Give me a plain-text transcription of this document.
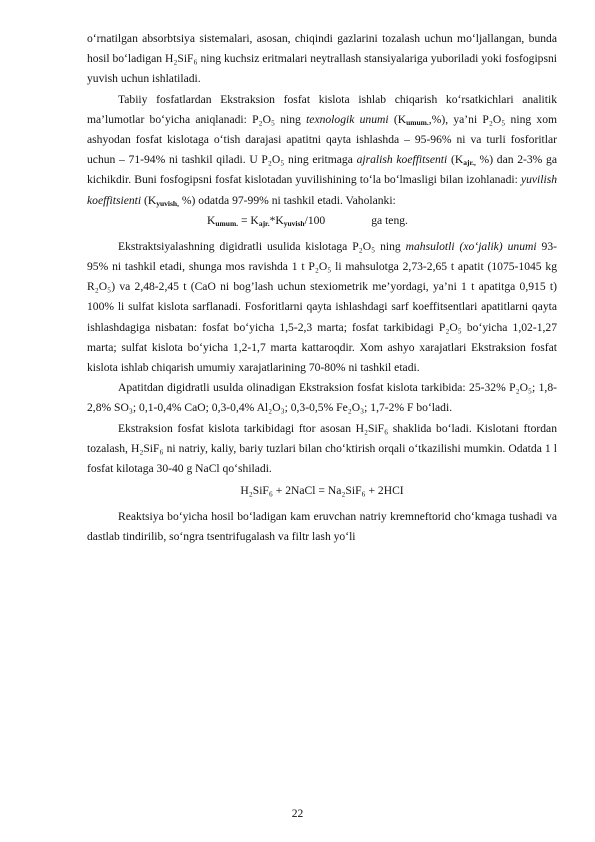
o‘rnatilgan absorbtsiya sistemalari, asosan, chiqindi gazlarini tozalash uchun mo‘ljallangan, bunda hosil bo‘ladigan H₂SiF₆ ning kuchsiz eritmalari neytrallash stansiyalariga yuboriladi yoki fosfogipsni yuvish uchun ishlatiladi.

Tabiiy fosfatlardan Ekstraksion fosfat kislota ishlab chiqarish ko‘rsatkichlari analitik ma’lumotlar bo‘yicha aniqlanadi: P₂O₅ ning texnologik unumi $(K_{umum.},\%)$, ya’ni P₂O₅ ning xom ashyodan fosfat kislotaga o‘tish darajasi apatitni qayta ishlashda – 95-96% ni va turli fosforitlar uchun – 71-94% ni tashkil qiladi. U P₂O₅ ning eritmaga ajralish koeffitsenti ($K_{ajr.,}$ %) dan 2-3% ga kichikdir. Buni fosfogipsni fosfat kislotadan yuvilishining to‘la bo‘lmasligi bilan izohlanadi: yuvilish koeffitsienti ($K_{yuvish,}$ %) odatda 97-99% ni tashkil etadi. Vaholanki:

$K_{umum.} = K_{ajr.}*K_{yuvish}/100$	ga teng.

Ekstraktsiyalashning digidratli usulida kislotaga P₂O₅ ning mahsulotli (xo‘jalik) unumi 93-95% ni tashkil etadi, shunga mos ravishda 1 t P₂O₅ li mahsulotga 2,73-2,65 t apatit (1075-1045 kg R₂O₅) va 2,48-2,45 t (CaO ni bog’lash uchun stexiometrik me’yordagi, ya’ni 1 t apatitga 0,915 t) 100% li sulfat kislota sarflanadi. Fosforitlarni qayta ishlashdagi sarf koeffitsentlari apatitlarni qayta ishlashdagiga nisbatan: fosfat bo‘yicha 1,5-2,3 marta; fosfat tarkibidagi P₂O₅ bo‘yicha 1,02-1,27 marta; sulfat kislota bo‘yicha 1,2-1,7 marta kattaroqdir. Xom ashyo xarajatlari Ekstraksion fosfat kislota ishlab chiqarish umumiy xarajatlarining 70-80% ni tashkil etadi.

Apatitdan digidratli usulda olinadigan Ekstraksion fosfat kislota tarkibida: 25-32% P₂O₅; 1,8-2,8% SO₃; 0,1-0,4% CaO; 0,3-0,4% Al₂O₃; 0,3-0,5% Fe₂O₃; 1,7-2% F bo‘ladi.

Ekstraksion fosfat kislota tarkibidagi ftor asosan H₂SiF₆ shaklida bo‘ladi. Kislotani ftordan tozalash, H₂SiF₆ ni natriy, kaliy, bariy tuzlari bilan cho‘ktirish orqali o‘tkazilishi mumkin. Odatda 1 l fosfat kilotaga 30-40 g NaCl qo‘shiladi.

H₂SiF₆ + 2NaCl = Na₂SiF₆ + 2HCI

Reaktsiya bo‘yicha hosil bo‘ladigan kam eruvchan natriy kremneftorid cho‘kmaga tushadi va dastlab tindirilib, so‘ngra tsentrifugalash va filtr lash yo‘li

22
